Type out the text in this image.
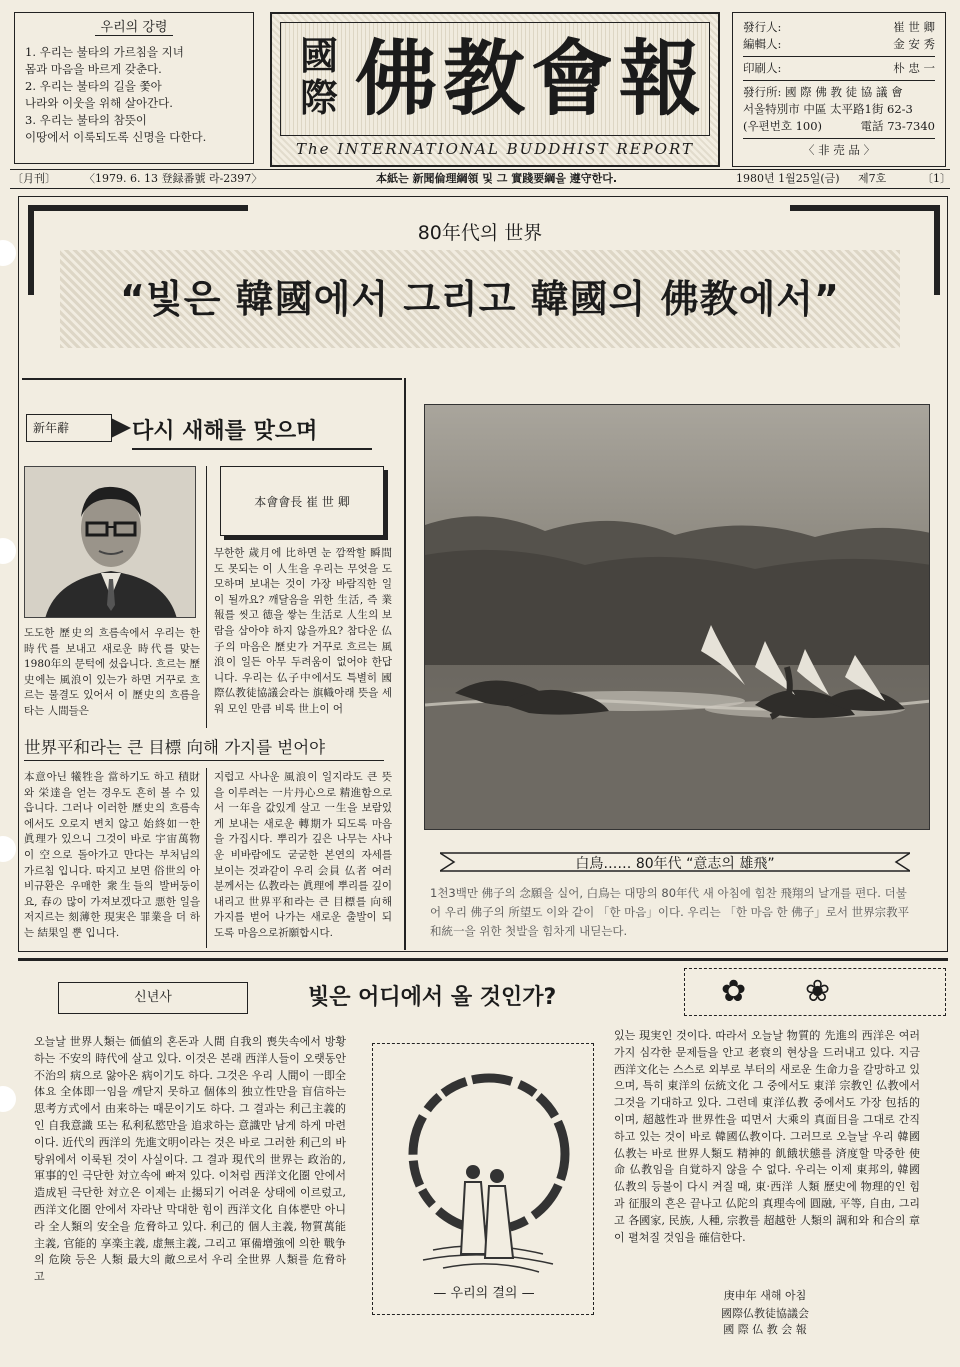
우리의 강령

1. 우리는 불타의 가르침을 지녀
몸과 마음을 바르게 갖춘다.

2. 우리는 불타의 길을 쫓아
나라와 이웃을 위해 살아간다.

3. 우리는 불타의 참뜻이
이땅에서 이룩되도록 신명을 다한다.

國際 佛教會報
The INTERNATIONAL BUDDHIST REPORT
發行人:	崔 世 卿
編輯人:	金 安 秀
印刷人:	朴 忠 一
發行所: 國 際 佛 教 徒 協 議 會
서울特別市 中區 太平路1街 62-3
(우편번호 100)	電話 73-7340
〈 非 売 品 〉
〔月刊〕	〈1979. 6. 13 登録番號 라-2397〉	本紙는 新聞倫理綱領 및 그 實踐要綱을 遵守한다.	1980년 1월25일(금) 제7호	〔1〕
80年代의 世界
“빛은 韓國에서 그리고 韓國의 佛教에서”
新年辭	다시 새해를 맞으며
本會會長 崔 世 卿
무한한 歲月에 比하면 눈 깜짝할 瞬間도 못되는 이 人生을 우리는 무엇을 도모하며 보내는 것이 가장 바람직한 일이 될까요? 깨달음을 위한 生活, 즉 業報를 씻고 德을 쌓는 生活로 人生의 보람을 삼아야 하지 않을까요? 참다운 仏子의 마음은 歷史가 거꾸로 흐르는 風浪이 일든 아무 두려움이 없어야 한답니다. 우리는 仏子中에서도 특별히 國際仏教徒協議会라는 旗幟아래 뜻을 세워 모인 만큼 비록 世上이 어
도도한 歷史의 흐름속에서 우리는 한 時代를 보내고 새로운 時代를 맞는 1980年의 문턱에 섰읍니다. 흐르는 歷史에는 風浪이 있는가 하면 거꾸로 흐르는 물결도 있어서 이 歷史의 흐름을 타는 人間들은
世界平和라는 큰 目標 向해 가지를 벋어야
本意아닌 犧牲을 當하기도 하고 積財와 栄達을 얻는 경우도 흔히 볼 수 있읍니다. 그러나 이러한 歷史의 흐름속에서도 오로지 변치 않고 始終如一한 眞理가 있으니 그것이 바로 宇宙萬物이 空으로 돌아가고 만다는 부처님의 가르침 입니다. 따지고 보면 俗世의 아비규환은 우매한 衆生들의 발버둥이요, 春の 많이 가져보겠다고 悪한 일을 저지르는 刻薄한 現実은 罪業을 더 하는 結果일 뿐 입니다.
지럽고 사나운 風浪이 일지라도 큰 뜻을 이루려는 一片丹心으로 精進함으로서 一年을 값있게 살고 一生을 보람있게 보내는 새로운 轉期가 되도록 마음을 가집시다. 뿌리가 깊은 나무는 사나운 비바람에도 굳굳한 본연의 자세를 보이는 것과같이 우리 会員 仏者 여러분께서는 仏教라는 眞理에 뿌리를 깊이 내리고 世界平和라는 큰 目標를 向해 가지를 벋어 나가는 새로운 출발이 되도록 마음으로祈願합시다.
白鳥…… 80年代 “意志의 雄飛”
1천3백만 佛子의 念願을 실어, 白鳥는 대망의 80年代 새 아침에 힘찬 飛翔의 날개를 편다. 더불어 우리 佛子의 所望도 이와 같이 「한 마음」이다. 우리는 「한 마음 한 佛子」로서 世界宗教平和統一을 위한 첫발을 힘차게 내딛는다.
신년사	빛은 어디에서 올 것인가?	✿ ❀
오늘날 世界人類는 価値의 혼돈과 人間 自我의 喪失속에서 방황하는 不安의 時代에 살고 있다. 이것은 본래 西洋人들이 오랫동안 不治의 病으로 앓아온 病이기도 하다. 그것은 우리 人間이 一即全体요 全体即一임을 깨닫지 못하고 個体의 独立性만을 盲信하는 思考方式에서 由来하는 때문이기도 하다. 그 결과는 利己主義的인 自我意識 또는 私利私慾만을 追求하는 意識만 남게 하게 마련이다. 近代의 西洋의 先進文明이라는 것은 바로 그러한 利己의 바탕위에서 이룩된 것이 사실이다. 그 결과 現代의 世界는 政治的, 軍事的인 극단한 対立속에 빠져 있다. 이처럼 西洋文化圏 안에서 造成된 극단한 対立은 이제는 止揚되기 어려운 상태에 이르렀고, 西洋文化圏 안에서 자라난 막대한 힘이 西洋文化 自体뿐만 아니라 全人類의 安全을 危脅하고 있다. 利己的 個人主義, 物質萬能主義, 官能的 享楽主義, 虚無主義, 그리고 軍備增強에 의한 戰争의 危険 등은 人類 最大의 敵으로서 우리 全世界 人類를 危脅하고
— 우리의 결의 —
있는 現実인 것이다. 따라서 오늘날 物質的 先進의 西洋은 여러가지 심각한 문제들을 안고 老衰의 현상을 드러내고 있다. 지금 西洋文化는 스스로 외부로 부터의 새로운 生命力을 갈망하고 있으며, 특히 東洋의 伝統文化 그 중에서도 東洋 宗教인 仏教에서 그것을 기대하고 있다. 그런데 東洋仏教 중에서도 가장 包括的이며, 超越性과 世界性을 띠면서 大乘의 真面目을 그대로 간직하고 있는 것이 바로 韓國仏教이다. 그러므로 오늘날 우리 韓國仏教는 바로 世界人類도 精神的 飢餓状態를 済度할 막중한 使命 仏教임을 自覚하지 않을 수 없다. 우리는 이제 東邦의, 韓國仏教의 등불이 다시 켜질 때, 東·西洋 人類 歷史에 物理的인 힘과 征服의 흔은 끝나고 仏陀의 真理속에 圓融, 平等, 自由, 그리고 各國家, 民族, 人種, 宗教를 超越한 人類의 調和와 和合의 章이 펼쳐질 것임을 確信한다.
庚申年 새해 아침
國際仏教徒協議会
國 際 仏 教 会 報
